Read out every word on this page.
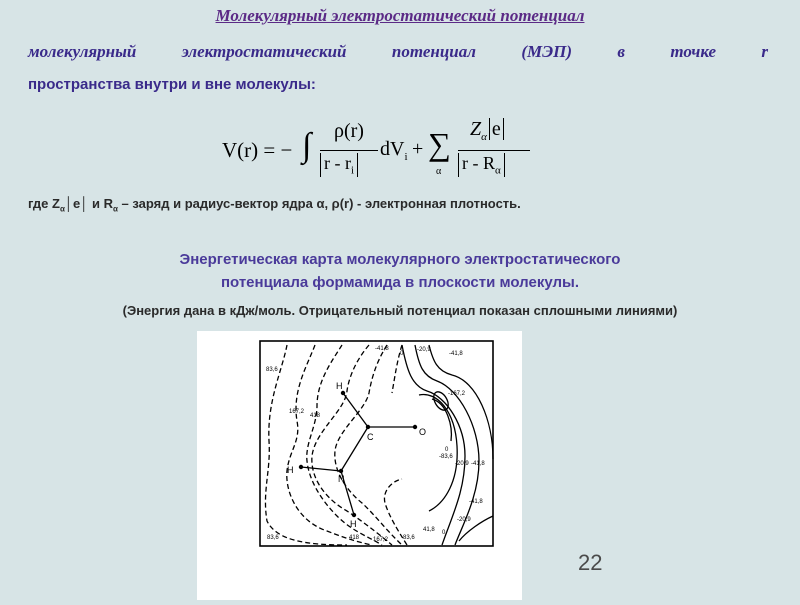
Молекулярный электростатический потенциал
молекулярный электростатический потенциал (МЭП) в точке r
пространства внутри и вне молекулы:
V(r) = − ∫ ρ(r)
r - $r_i$
$dV_i$ + ∑
α
$Z_\alpha$ e
r - $R_\alpha$
где $Z_\alpha│e│$ и $R_\alpha$ – заряд и радиус-вектор ядра α, ρ(r) - электронная плотность.
Энергетическая карта молекулярного электростатического
потенциала формамида в плоскости молекулы.
(Энергия дана в кДж/моль. Отрицательный потенциал показан сплошными линиями)
H
C	O
H
N
H
83,6
167,2
418
-41,8
0
-20,9
-41,8
-167,2
-83,6
0
-20,9 -41,8
-41,8
-20,9
0
83,6	418 167,2 83,6
41,8
22
